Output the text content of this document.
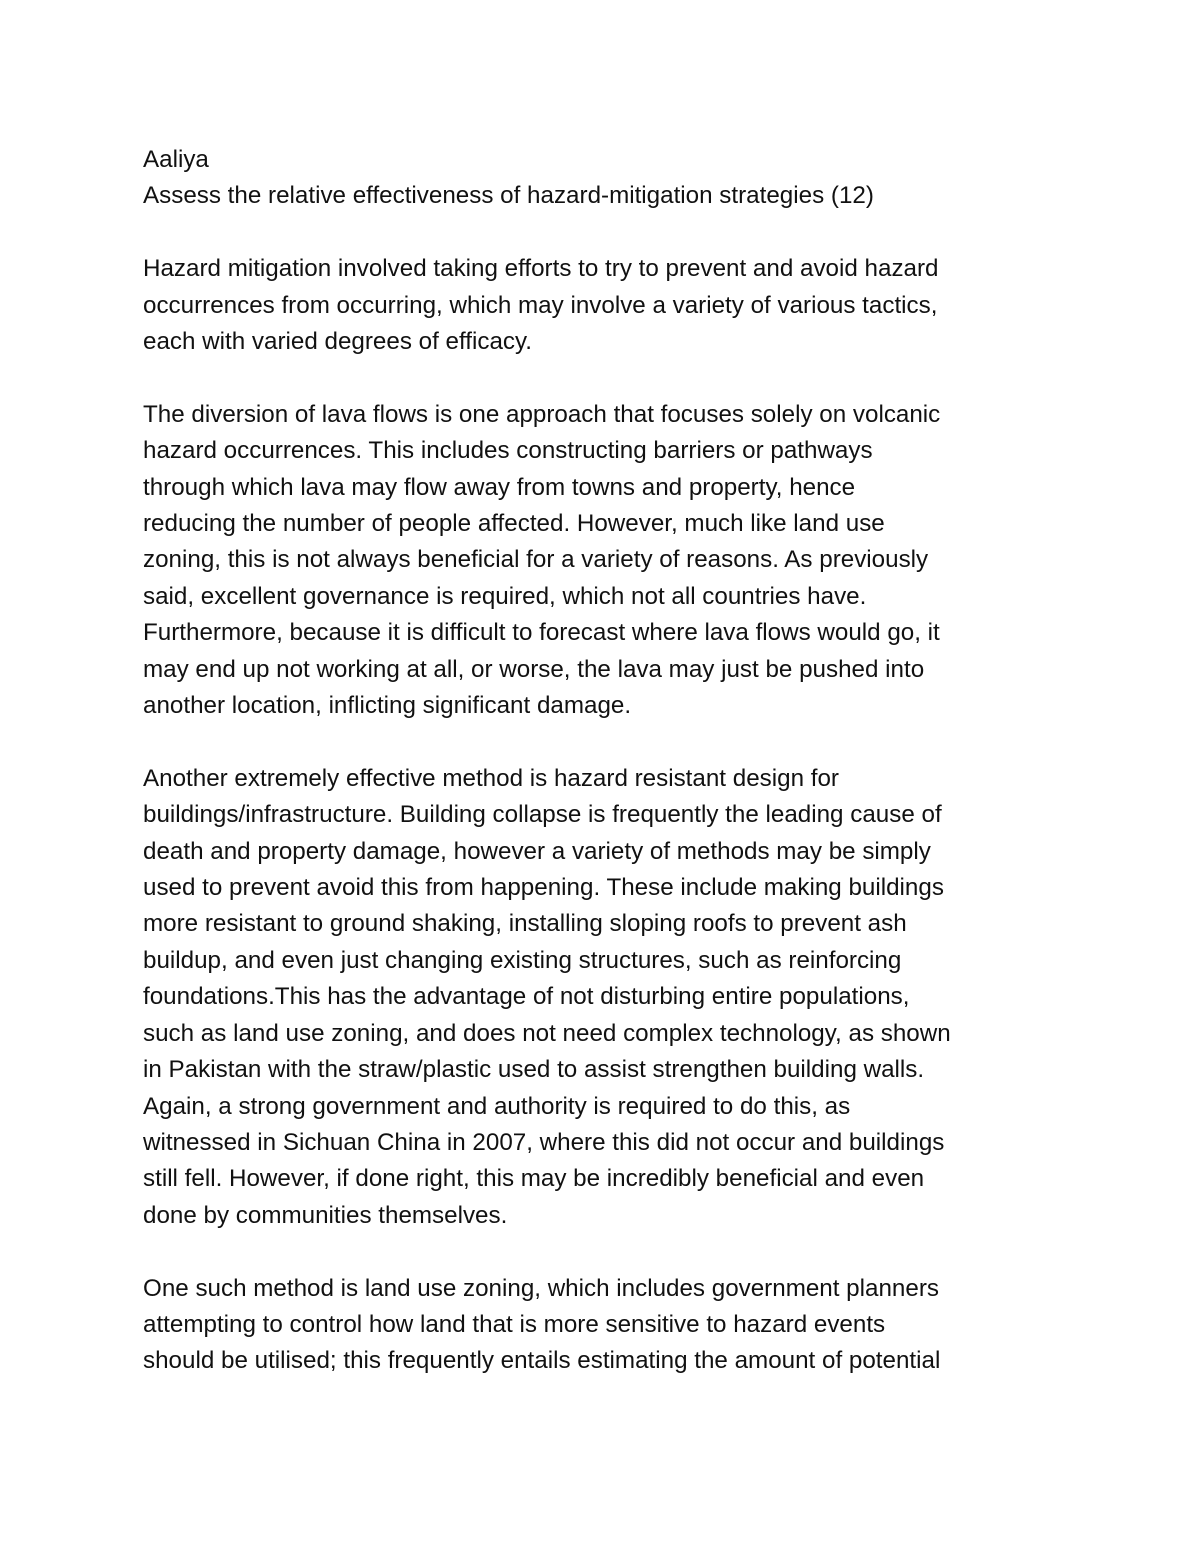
Aaliya

Assess the relative effectiveness of hazard-mitigation strategies (12)

Hazard mitigation involved taking efforts to try to prevent and avoid hazard
occurrences from occurring, which may involve a variety of various tactics,
each with varied degrees of efficacy.

The diversion of lava flows is one approach that focuses solely on volcanic
hazard occurrences. This includes constructing barriers or pathways
through which lava may flow away from towns and property, hence
reducing the number of people affected. However, much like land use
zoning, this is not always beneficial for a variety of reasons. As previously
said, excellent governance is required, which not all countries have.
Furthermore, because it is difficult to forecast where lava flows would go, it
may end up not working at all, or worse, the lava may just be pushed into
another location, inflicting significant damage.

Another extremely effective method is hazard resistant design for
buildings/infrastructure. Building collapse is frequently the leading cause of
death and property damage, however a variety of methods may be simply
used to prevent avoid this from happening. These include making buildings
more resistant to ground shaking, installing sloping roofs to prevent ash
buildup, and even just changing existing structures, such as reinforcing
foundations.This has the advantage of not disturbing entire populations,
such as land use zoning, and does not need complex technology, as shown
in Pakistan with the straw/plastic used to assist strengthen building walls.
Again, a strong government and authority is required to do this, as
witnessed in Sichuan China in 2007, where this did not occur and buildings
still fell. However, if done right, this may be incredibly beneficial and even
done by communities themselves.

One such method is land use zoning, which includes government planners
attempting to control how land that is more sensitive to hazard events
should be utilised; this frequently entails estimating the amount of potential
